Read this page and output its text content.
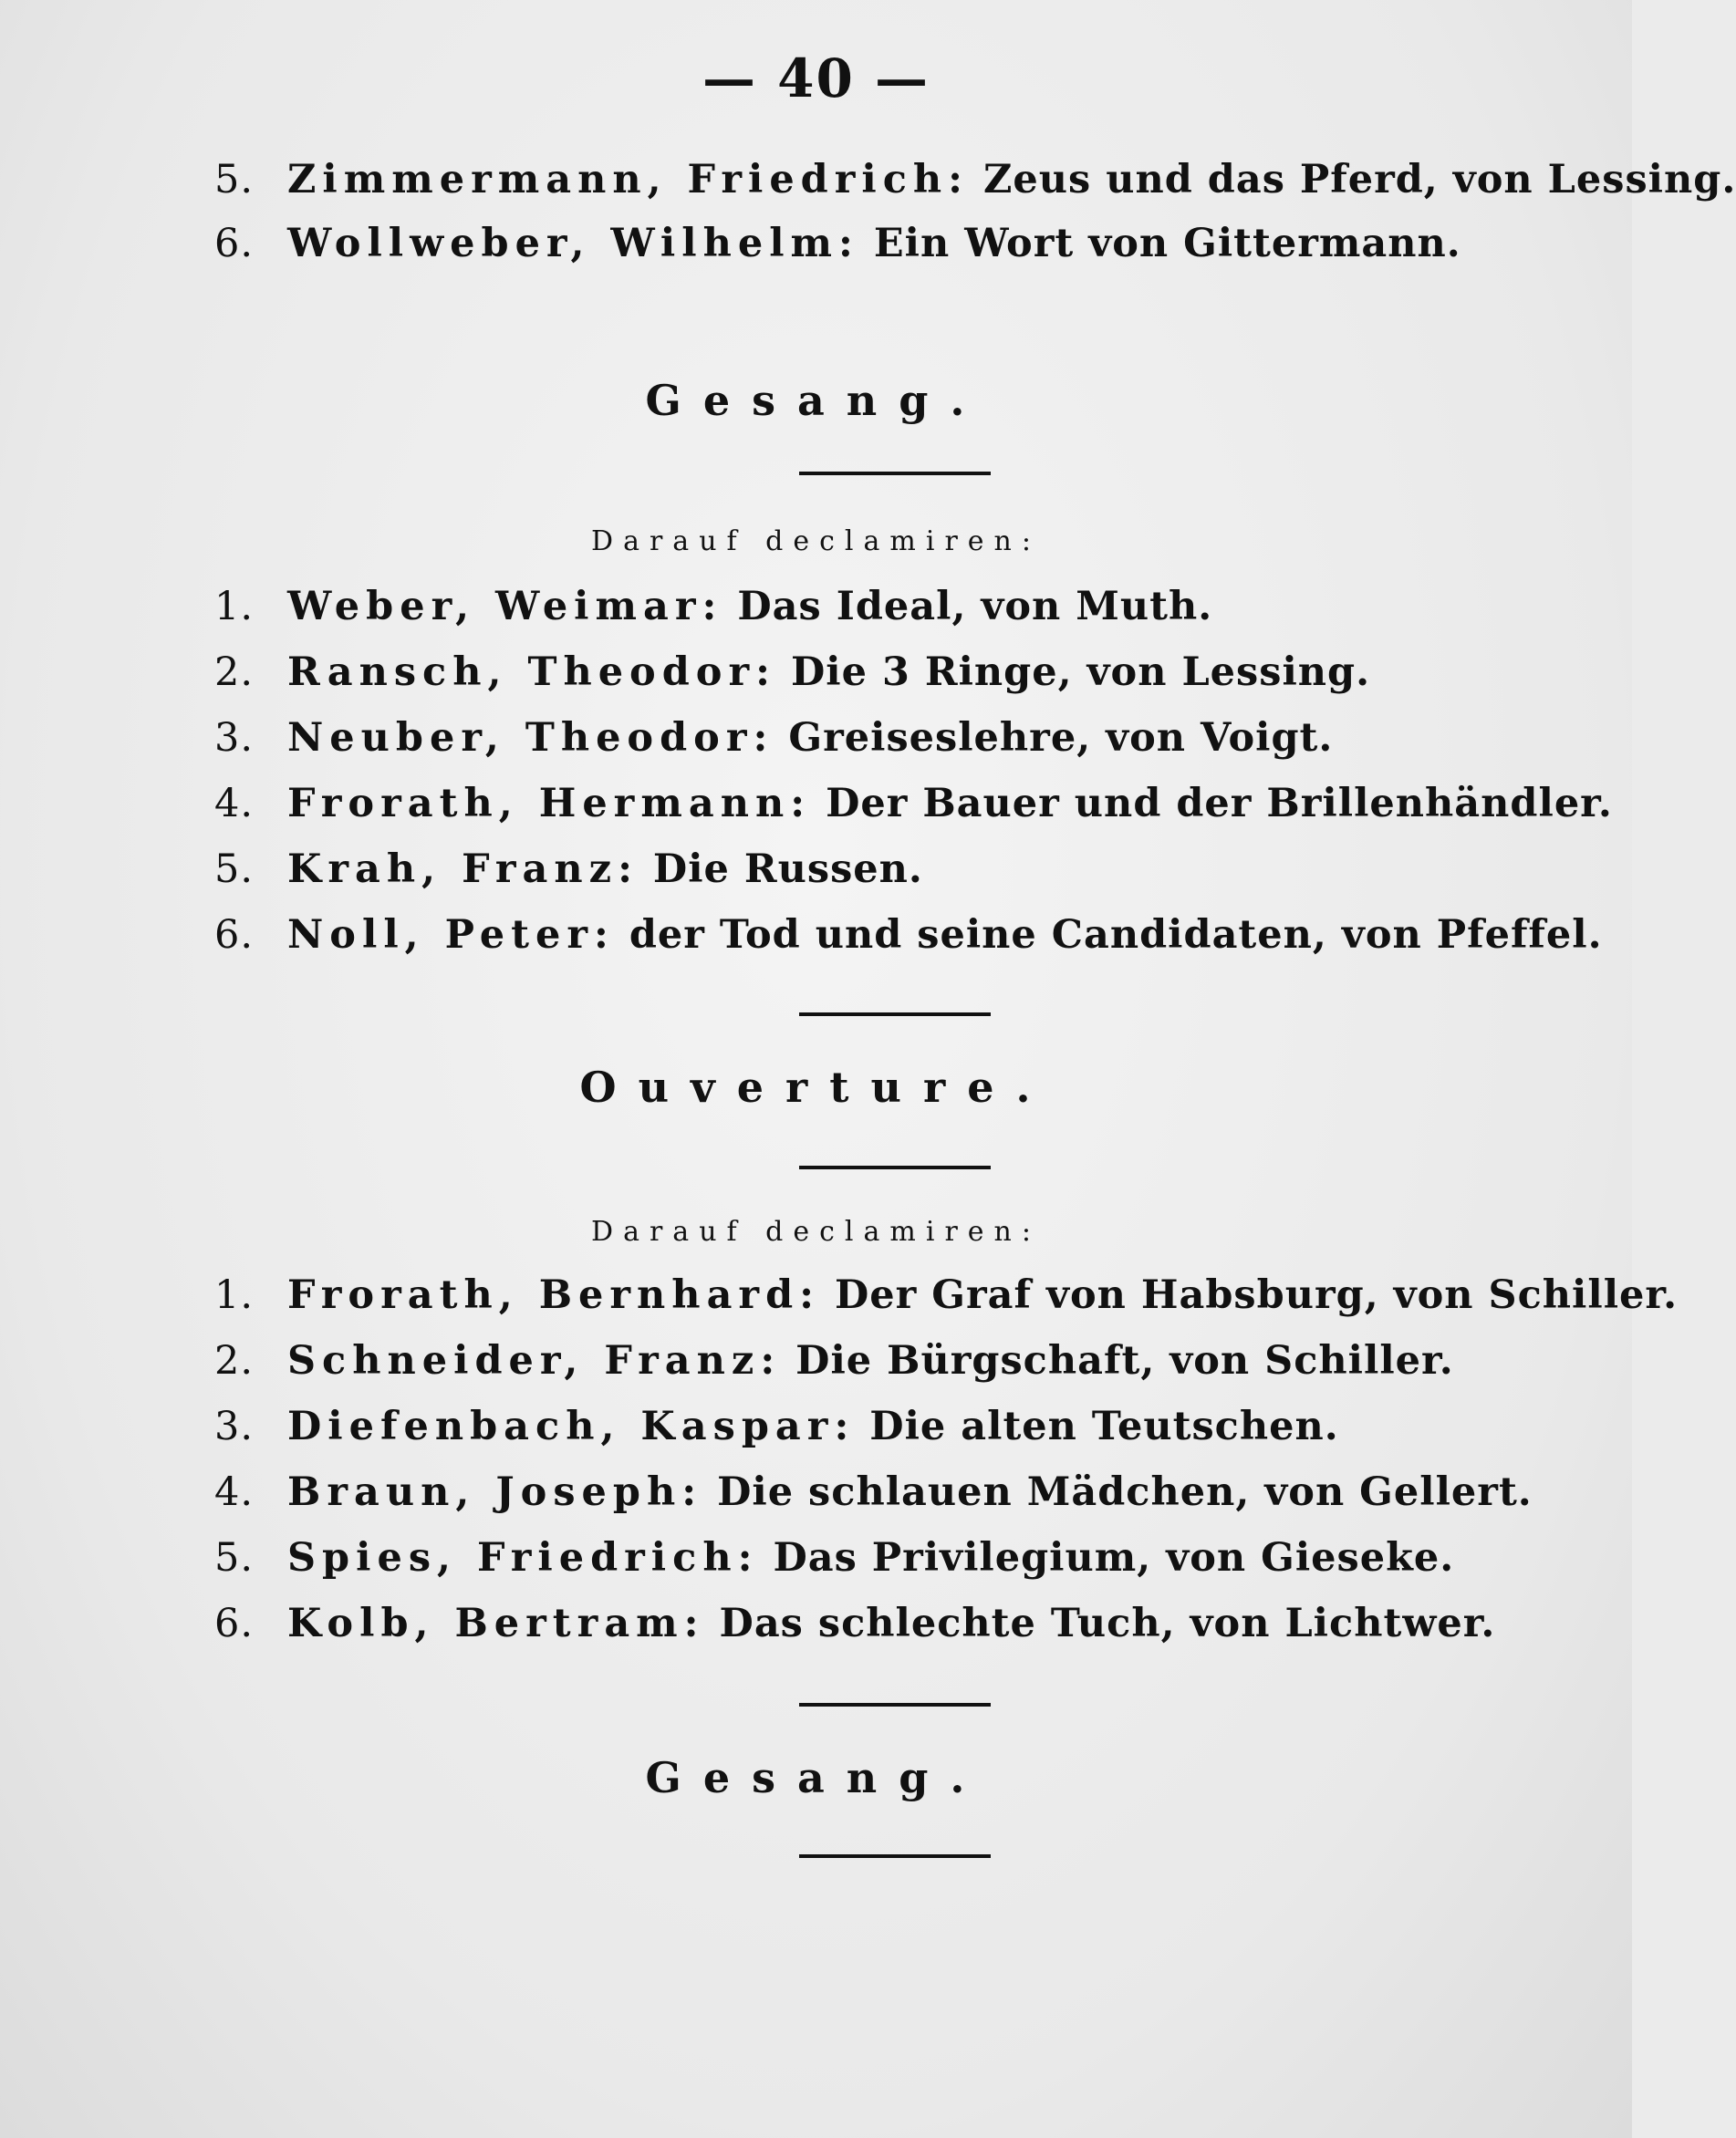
— 40 —
5. Zimmermann, Friedrich: Zeus und das Pferd, von Lessing.
6. Wollweber, Wilhelm: Ein Wort von Gittermann.
Gesang.
Darauf declamiren:
1. Weber, Weimar: Das Ideal, von Muth.
2. Ransch, Theodor: Die 3 Ringe, von Lessing.
3. Neuber, Theodor: Greiseslehre, von Voigt.
4. Frorath, Hermann: Der Bauer und der Brillenhändler.
5. Krah, Franz: Die Russen.
6. Noll, Peter: der Tod und seine Candidaten, von Pfeffel.
Ouverture.
Darauf declamiren:
1. Frorath, Bernhard: Der Graf von Habsburg, von Schiller.
2. Schneider, Franz: Die Bürgschaft, von Schiller.
3. Diefenbach, Kaspar: Die alten Teutschen.
4. Braun, Joseph: Die schlauen Mädchen, von Gellert.
5. Spies, Friedrich: Das Privilegium, von Gieseke.
6. Kolb, Bertram: Das schlechte Tuch, von Lichtwer.
Gesang.
